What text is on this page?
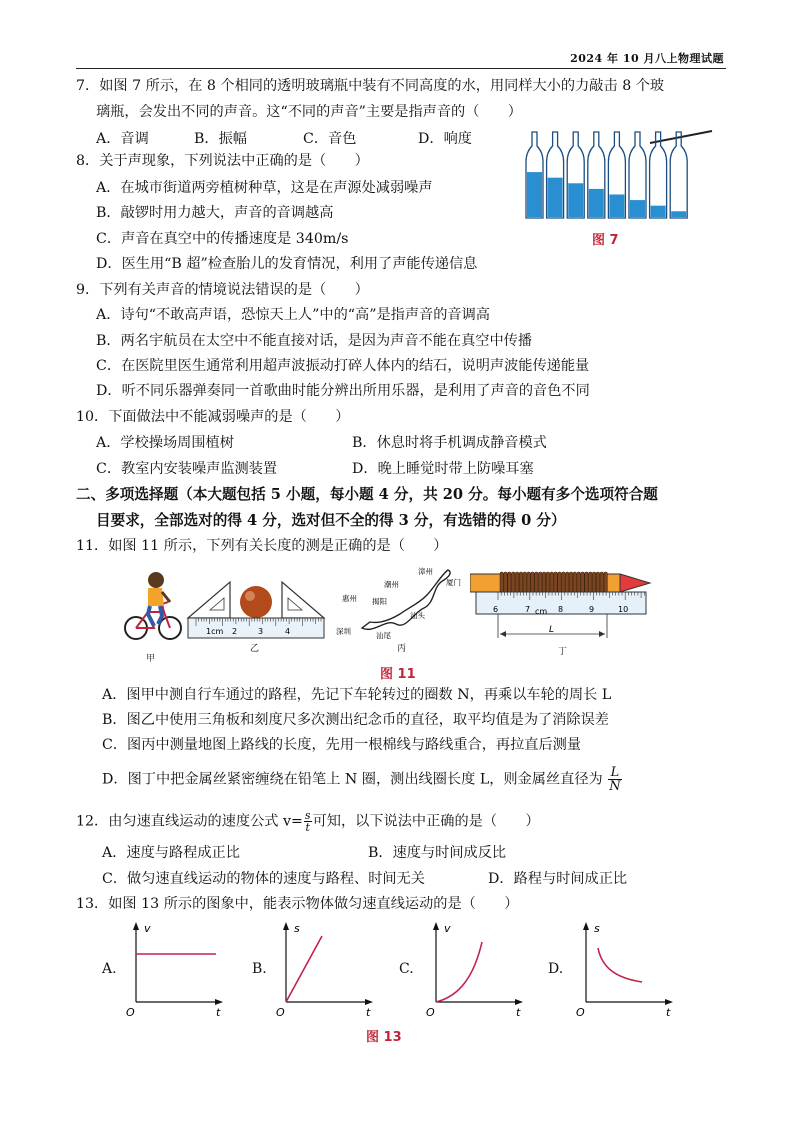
2024 年 10 月八上物理试题
7．如图 7 所示，在 8 个相同的透明玻璃瓶中装有不同高度的水，用同样大小的力敲击 8 个玻
璃瓶，会发出不同的声音。这“不同的声音”主要是指声音的（　　）
A．音调	B．振幅	C．音色	D．响度
图 7
8．关于声现象，下列说法中正确的是（　　）
A．在城市街道两旁植树种草，这是在声源处减弱噪声
B．敲锣时用力越大，声音的音调越高
C．声音在真空中的传播速度是 340m/s
D．医生用“B 超”检查胎儿的发育情况，利用了声能传递信息
9．下列有关声音的情境说法错误的是（　　）
A．诗句“不敢高声语，恐惊天上人”中的“高”是指声音的音调高
B．两名宇航员在太空中不能直接对话，是因为声音不能在真空中传播
C．在医院里医生通常利用超声波振动打碎人体内的结石，说明声波能传递能量
D．听不同乐器弹奏同一首歌曲时能分辨出所用乐器，是利用了声音的音色不同
10．下面做法中不能减弱噪声的是（　　）
A．学校操场周围植树	B．休息时将手机调成静音模式
C．教室内安装噪声监测装置	D．晚上睡觉时带上防噪耳塞
二、多项选择题（本大题包括 5 小题，每小题 4 分，共 20 分。每小题有多个选项符合题
目要求，全部选对的得 4 分，选对但不全的得 3 分，有选错的得 0 分）
11．如图 11 所示，下列有关长度的测是正确的是（　　）
甲
1cm 2	3	4
乙
漳州
厦门
潮州
惠州 揭阳
汕头
汕尾
深圳
丙
6	7 cm 8	9	10
L
丁
图 11
A．图甲中测自行车通过的路程，先记下车轮转过的圈数 N，再乘以车轮的周长 L
B．图乙中使用三角板和刻度尺多次测出纪念币的直径，取平均值是为了消除误差
C．图丙中测量地图上路线的长度，先用一根棉线与路线重合，再拉直后测量
D．图丁中把金属丝紧密缠绕在铅笔上 N 圈，测出线圈长度 L，则金属丝直径为 $\frac{L}{N}$
12．由匀速直线运动的速度公式 $v= \frac{s}{t}$ 可知，以下说法中正确的是（　　）
A．速度与路程成正比	B．速度与时间成反比
C．做匀速直线运动的物体的速度与路程、时间无关	D．路程与时间成正比
13．如图 13 所示的图象中，能表示物体做匀速直线运动的是（　　）
A.
v
t
O
B.
s
t
O
C.
v
t
O
D.
s
t
O
图 13
